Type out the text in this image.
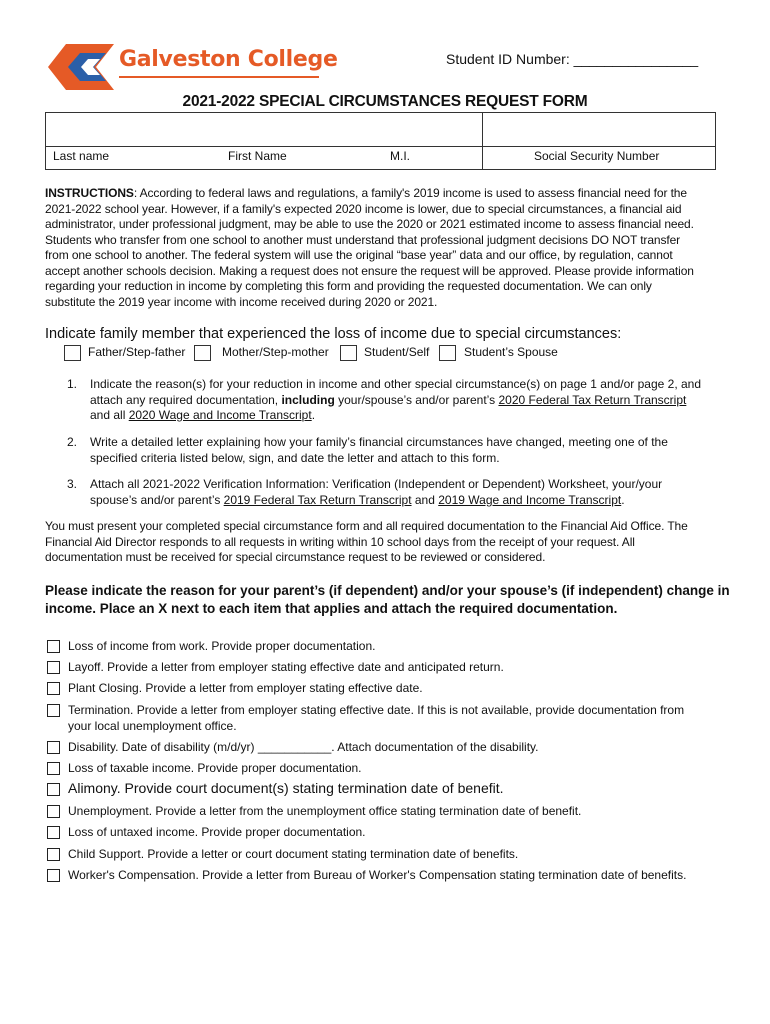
Galveston College	Student ID Number: ________________
2021-2022 SPECIAL CIRCUMSTANCES REQUEST FORM
Last name	First Name	M.I.	Social Security Number

INSTRUCTIONS: According to federal laws and regulations, a family's 2019 income is used to assess financial need for the

2021-2022 school year. However, if a family's expected 2020 income is lower, due to special circumstances, a financial aid

administrator, under professional judgment, may be able to use the 2020 or 2021 estimated income to assess financial need.

Students who transfer from one school to another must understand that professional judgment decisions DO NOT transfer

from one school to another. The federal system will use the original “base year” data and our office, by regulation, cannot

accept another schools decision. Making a request does not ensure the request will be approved. Please provide information

regarding your reduction in income by completing this form and providing the requested documentation. We can only

substitute the 2019 year income with income received during 2020 or 2021.

Indicate family member that experienced the loss of income due to special circumstances:
Father/Step-father	Mother/Step-mother	Student/Self	Student’s Spouse
1. Indicate the reason(s) for your reduction in income and other special circumstance(s) on page 1 and/or page 2, and
attach any required documentation, including your/spouse’s and/or parent’s 2020 Federal Tax Return Transcript
and all 2020 Wage and Income Transcript.
2. Write a detailed letter explaining how your family’s financial circumstances have changed, meeting one of the
specified criteria listed below, sign, and date the letter and attach to this form.
3. Attach all 2021-2022 Verification Information: Verification (Independent or Dependent) Worksheet, your/your
spouse’s and/or parent’s 2019 Federal Tax Return Transcript and 2019 Wage and Income Transcript.

You must present your completed special circumstance form and all required documentation to the Financial Aid Office. The

Financial Aid Director responds to all requests in writing within 10 school days from the receipt of your request. All

documentation must be received for special circumstance request to be reviewed or considered.

Please indicate the reason for your parent’s (if dependent) and/or your spouse’s (if independent) change in
income. Place an X next to each item that applies and attach the required documentation.
Loss of income from work. Provide proper documentation.
Layoff. Provide a letter from employer stating effective date and anticipated return.
Plant Closing. Provide a letter from employer stating effective date.
Termination. Provide a letter from employer stating effective date. If this is not available, provide documentation from
your local unemployment office.
Disability. Date of disability (m/d/yr) ___________. Attach documentation of the disability.
Loss of taxable income. Provide proper documentation.
Alimony. Provide court document(s) stating termination date of benefit.
Unemployment. Provide a letter from the unemployment office stating termination date of benefit.
Loss of untaxed income. Provide proper documentation.
Child Support. Provide a letter or court document stating termination date of benefits.
Worker's Compensation. Provide a letter from Bureau of Worker's Compensation stating termination date of benefits.
